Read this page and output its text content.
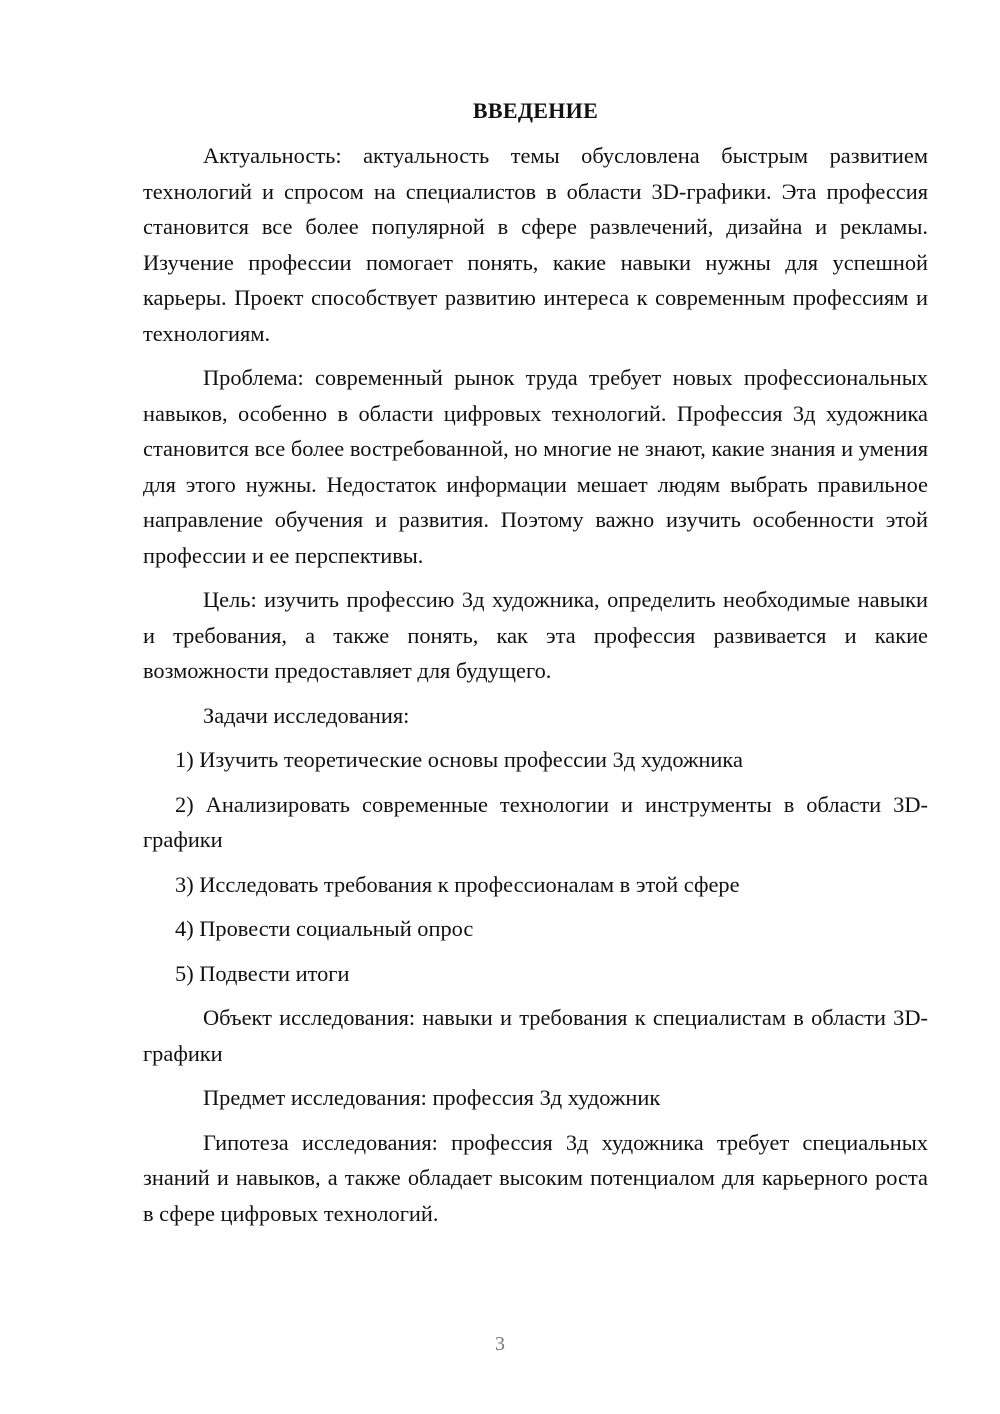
ВВЕДЕНИЕ

Актуальность: актуальность темы обусловлена быстрым развитием технологий и спросом на специалистов в области 3D-графики. Эта профессия становится все более популярной в сфере развлечений, дизайна и рекламы. Изучение профессии помогает понять, какие навыки нужны для успешной карьеры. Проект способствует развитию интереса к современным профессиям и технологиям.

Проблема: современный рынок труда требует новых профессиональных навыков, особенно в области цифровых технологий. Профессия 3д художника становится все более востребованной, но многие не знают, какие знания и умения для этого нужны. Недостаток информации мешает людям выбрать правильное направление обучения и развития. Поэтому важно изучить особенности этой профессии и ее перспективы.

Цель: изучить профессию 3д художника, определить необходимые навыки и требования, а также понять, как эта профессия развивается и какие возможности предоставляет для будущего.

Задачи исследования:

1) Изучить теоретические основы профессии 3д художника

2) Анализировать современные технологии и инструменты в области 3D-графики

3) Исследовать требования к профессионалам в этой сфере

4) Провести социальный опрос

5) Подвести итоги

Объект исследования: навыки и требования к специалистам в области 3D-графики

Предмет исследования: профессия 3д художник

Гипотеза исследования: профессия 3д художника требует специальных знаний и навыков, а также обладает высоким потенциалом для карьерного роста в сфере цифровых технологий.

3
